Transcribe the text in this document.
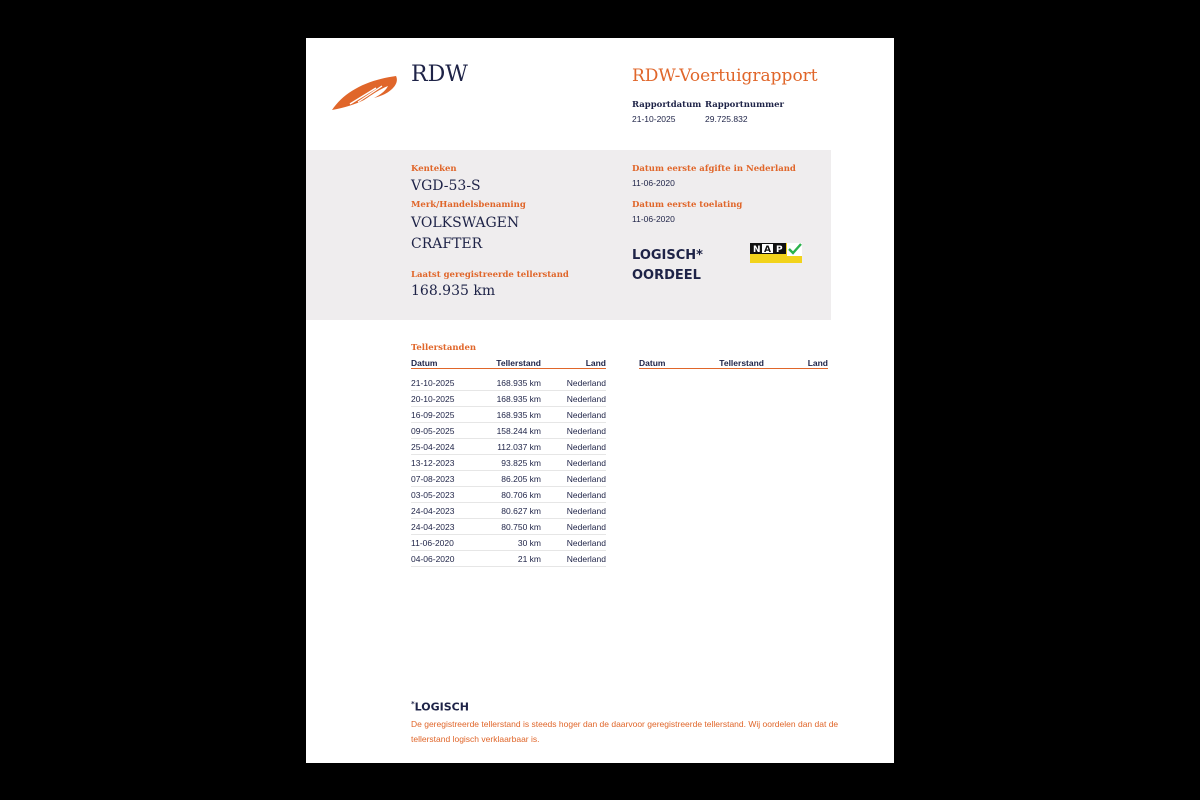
RDW	RDW-Voertuigrapport
Rapportdatum
21-10-2025
Rapportnummer
29.725.832
Kenteken
VGD-53-S
Merk/Handelsbenaming
VOLKSWAGEN
CRAFTER
Laatst geregistreerde tellerstand
168.935 km
Datum eerste afgifte in Nederland
11-06-2020
Datum eerste toelating
11-06-2020
LOGISCH*
OORDEEL
N A P
Tellerstanden
Datum	Tellerstand	Land
21-10-2025	168.935 km	Nederland
20-10-2025	168.935 km	Nederland
16-09-2025	168.935 km	Nederland
09-05-2025	158.244 km	Nederland
25-04-2024	112.037 km	Nederland
13-12-2023	93.825 km	Nederland
07-08-2023	86.205 km	Nederland
03-05-2023	80.706 km	Nederland
24-04-2023	80.627 km	Nederland
24-04-2023	80.750 km	Nederland
11-06-2020	30 km	Nederland
04-06-2020	21 km	Nederland
Datum	Tellerstand	Land
*LOGISCH
De geregistreerde tellerstand is steeds hoger dan de daarvoor geregistreerde tellerstand. Wij oordelen dan dat de tellerstand logisch verklaarbaar is.
